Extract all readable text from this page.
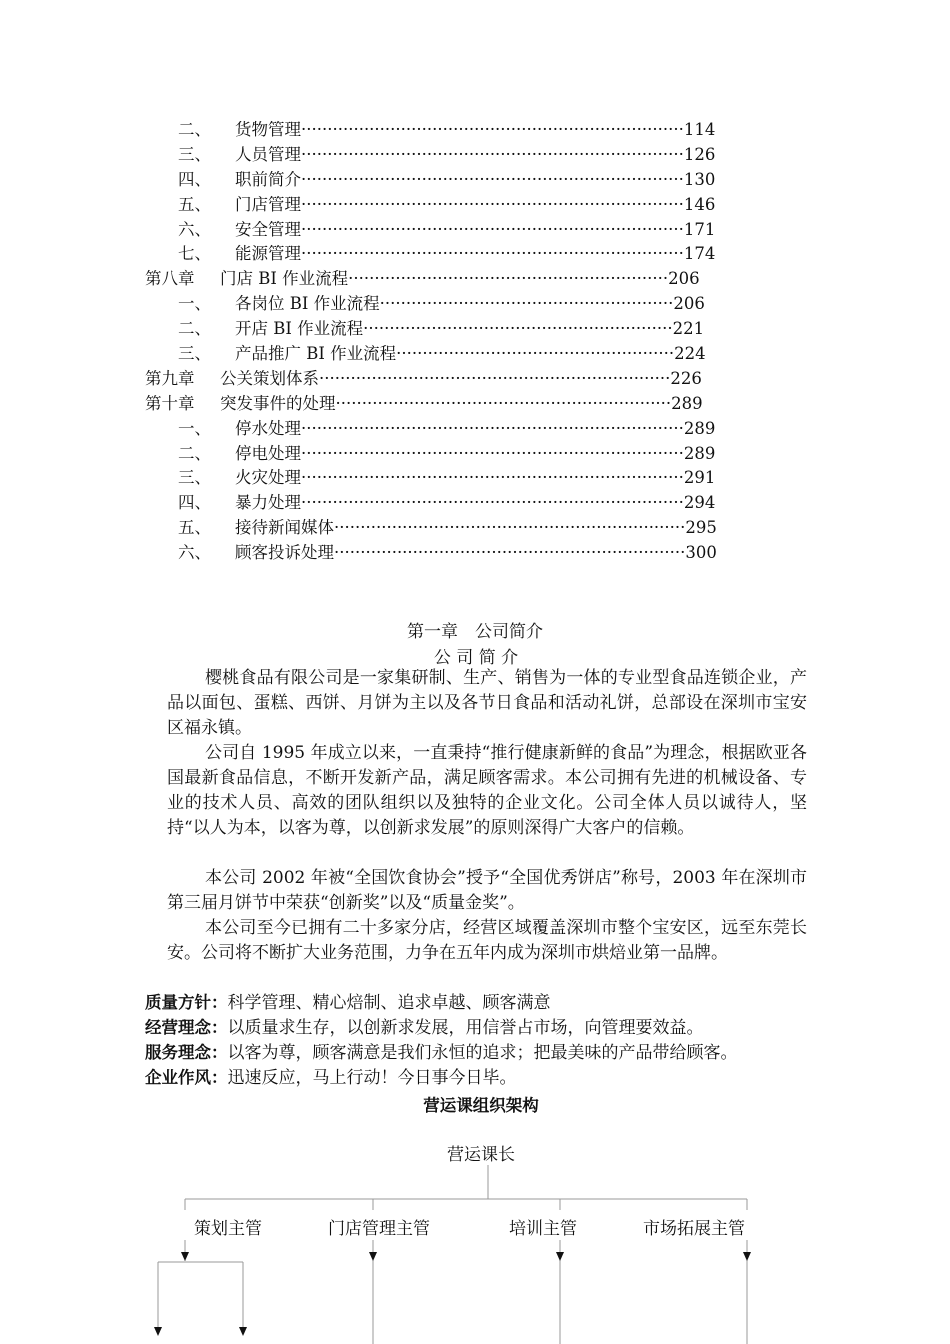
二、 货物管理·········································································114
三、 人员管理·········································································126
四、 职前简介·········································································130
五、 门店管理·········································································146
六、 安全管理·········································································171
七、 能源管理·········································································174
第八章 门店 BI 作业流程·····························································206
一、 各岗位 BI 作业流程························································206
二、 开店 BI 作业流程···························································221
三、 产品推广 BI 作业流程·····················································224
第九章 公关策划体系···································································226
第十章 突发事件的处理································································289
一、 停水处理·········································································289
二、 停电处理·········································································289
三、 火灾处理·········································································291
四、 暴力处理·········································································294
五、 接待新闻媒体···································································295
六、 顾客投诉处理···································································300
第一章　公司简介
公 司 简 介

樱桃食品有限公司是一家集研制、生产、销售为一体的专业型食品连锁企业，产品以面包、蛋糕、西饼、月饼为主以及各节日食品和活动礼饼，总部设在深圳市宝安区福永镇。

公司自 1995 年成立以来，一直秉持“推行健康新鲜的食品”为理念，根据欧亚各国最新食品信息，不断开发新产品，满足顾客需求。本公司拥有先进的机械设备、专业的技术人员、高效的团队组织以及独特的企业文化。公司全体人员以诚待人，坚持“以人为本，以客为尊，以创新求发展”的原则深得广大客户的信赖。

本公司 2002 年被“全国饮食协会”授予“全国优秀饼店”称号，2003 年在深圳市第三届月饼节中荣获“创新奖”以及“质量金奖”。

本公司至今已拥有二十多家分店，经营区域覆盖深圳市整个宝安区，远至东莞长安。公司将不断扩大业务范围，力争在五年内成为深圳市烘焙业第一品牌。

质量方针：科学管理、精心焙制、追求卓越、顾客满意
经营理念：以质量求生存，以创新求发展，用信誉占市场，向管理要效益。
服务理念：以客为尊，顾客满意是我们永恒的追求；把最美味的产品带给顾客。
企业作风：迅速反应，马上行动！今日事今日毕。
营运课组织架构
营运课长
策划主管	门店管理主管	培训主管	市场拓展主管
